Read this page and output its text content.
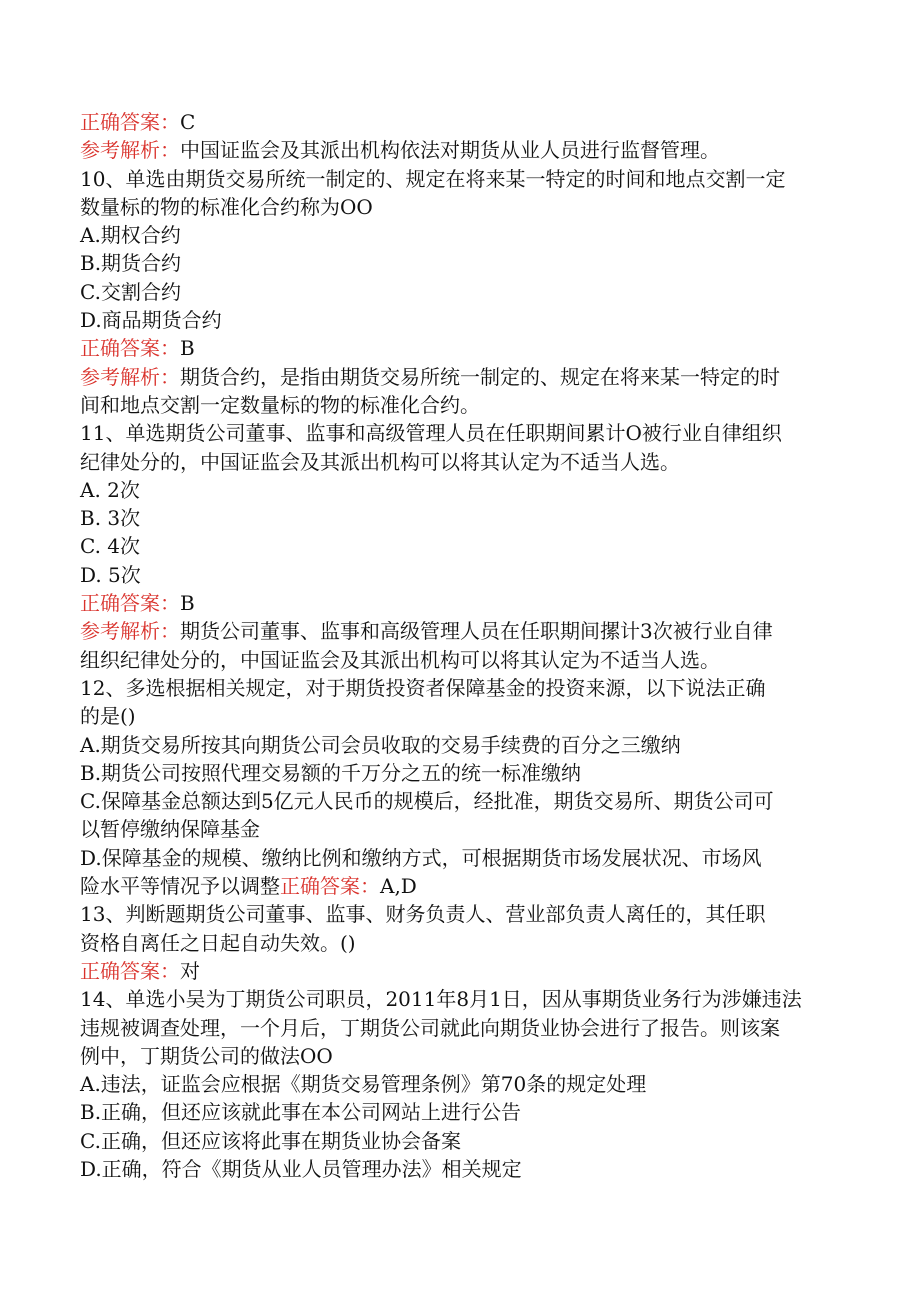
正确答案：C
参考解析：中国证监会及其派出机构依法对期货从业人员进行监督管理。
10、单选由期货交易所统一制定的、规定在将来某一特定的时间和地点交割一定
数量标的物的标准化合约称为OO
A.期权合约
B.期货合约
C.交割合约
D.商品期货合约
正确答案：B
参考解析：期货合约，是指由期货交易所统一制定的、规定在将来某一特定的时
间和地点交割一定数量标的物的标准化合约。
11、单选期货公司董事、监事和高级管理人员在任职期间累计O被行业自律组织
纪律处分的，中国证监会及其派出机构可以将其认定为不适当人选。
A. 2次
B. 3次
C. 4次
D. 5次
正确答案：B
参考解析：期货公司董事、监事和高级管理人员在任职期间摞计3次被行业自律
组织纪律处分的，中国证监会及其派出机构可以将其认定为不适当人选。
12、多选根据相关规定，对于期货投资者保障基金的投资来源，以下说法正确
的是()
A.期货交易所按其向期货公司会员收取的交易手续费的百分之三缴纳
B.期货公司按照代理交易额的千万分之五的统一标准缴纳
C.保障基金总额达到5亿元人民币的规模后，经批准，期货交易所、期货公司可
以暂停缴纳保障基金
D.保障基金的规模、缴纳比例和缴纳方式，可根据期货市场发展状况、市场风
险水平等情况予以调整正确答案：A,D
13、判断题期货公司董事、监事、财务负责人、营业部负责人离任的，其任职
资格自离任之日起自动失效。()
正确答案：对
14、单选小吴为丁期货公司职员，2011年8月1日，因从事期货业务行为涉嫌违法
违规被调查处理，一个月后，丁期货公司就此向期货业协会进行了报告。则该案
例中，丁期货公司的做法OO
A.违法，证监会应根据《期货交易管理条例》第70条的规定处理
B.正确，但还应该就此事在本公司网站上进行公告
C.正确，但还应该将此事在期货业协会备案
D.正确，符合《期货从业人员管理办法》相关规定
